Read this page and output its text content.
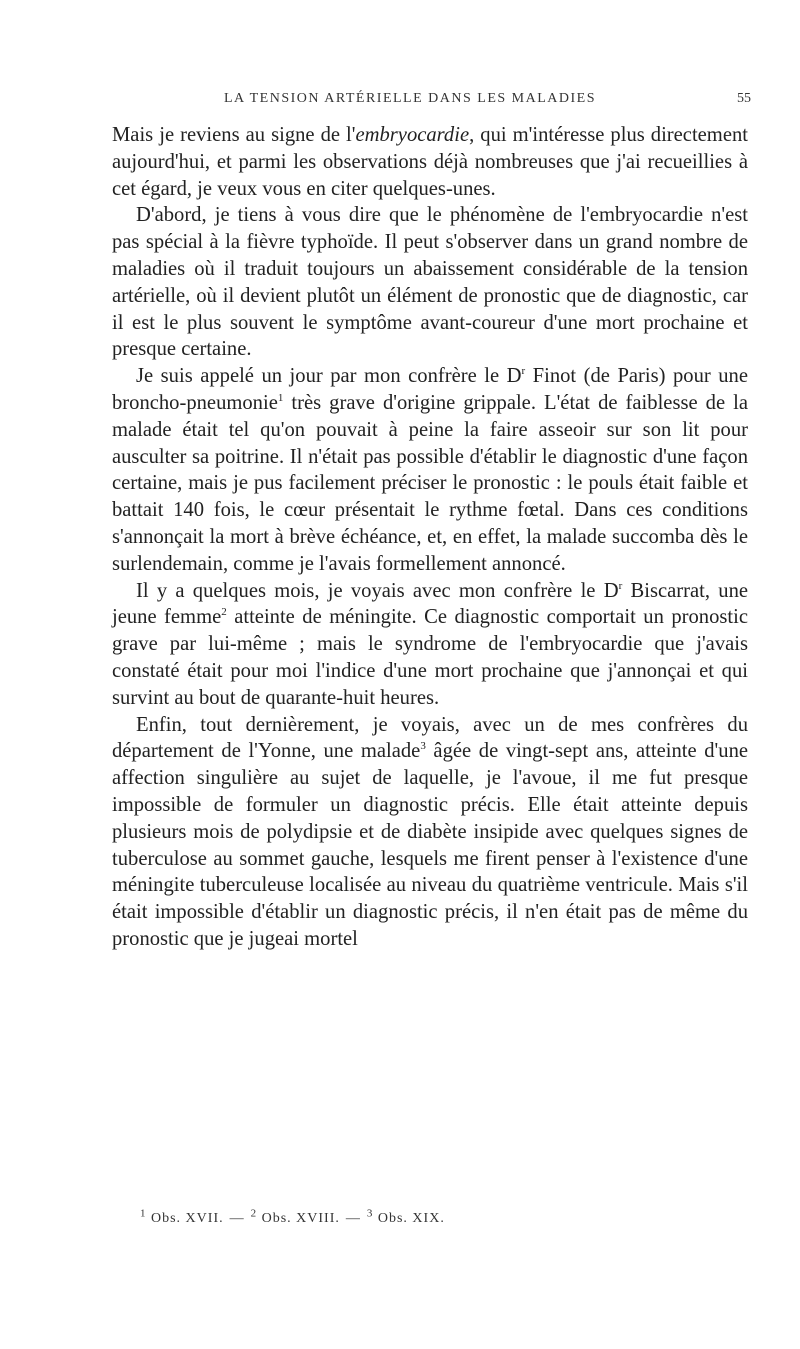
LA TENSION ARTÉRIELLE DANS LES MALADIES	55

Mais je reviens au signe de l'embryocardie, qui m'intéresse plus directement aujourd'hui, et parmi les observations déjà nombreuses que j'ai recueillies à cet égard, je veux vous en citer quelques-unes.

D'abord, je tiens à vous dire que le phénomène de l'embryocardie n'est pas spécial à la fièvre typhoïde. Il peut s'observer dans un grand nombre de maladies où il traduit toujours un abaissement considérable de la tension artérielle, où il devient plutôt un élément de pronostic que de diagnostic, car il est le plus souvent le symptôme avant-coureur d'une mort prochaine et presque certaine.

Je suis appelé un jour par mon confrère le $D^r$ Finot (de Paris) pour une broncho-pneumonie$^1$ très grave d'origine grippale. L'état de faiblesse de la malade était tel qu'on pouvait à peine la faire asseoir sur son lit pour ausculter sa poitrine. Il n'était pas possible d'établir le diagnostic d'une façon certaine, mais je pus facilement préciser le pronostic : le pouls était faible et battait 140 fois, le cœur présentait le rythme fœtal. Dans ces conditions s'annonçait la mort à brève échéance, et, en effet, la malade succomba dès le surlendemain, comme je l'avais formellement annoncé.

Il y a quelques mois, je voyais avec mon confrère le $D^r$ Biscarrat, une jeune femme$^2$ atteinte de méningite. Ce diagnostic comportait un pronostic grave par lui-même ; mais le syndrome de l'embryocardie que j'avais constaté était pour moi l'indice d'une mort prochaine que j'annonçai et qui survint au bout de quarante-huit heures.

Enfin, tout dernièrement, je voyais, avec un de mes confrères du département de l'Yonne, une malade$^3$ âgée de vingt-sept ans, atteinte d'une affection singulière au sujet de laquelle, je l'avoue, il me fut presque impossible de formuler un diagnostic précis. Elle était atteinte depuis plusieurs mois de polydipsie et de diabète insipide avec quelques signes de tuberculose au sommet gauche, lesquels me firent penser à l'existence d'une méningite tuberculeuse localisée au niveau du quatrième ventricule. Mais s'il était impossible d'établir un diagnostic précis, il n'en était pas de même du pronostic que je jugeai mortel

$^1$ Obs. XVII. — $^2$ Obs. XVIII. — $^3$ Obs. XIX.
